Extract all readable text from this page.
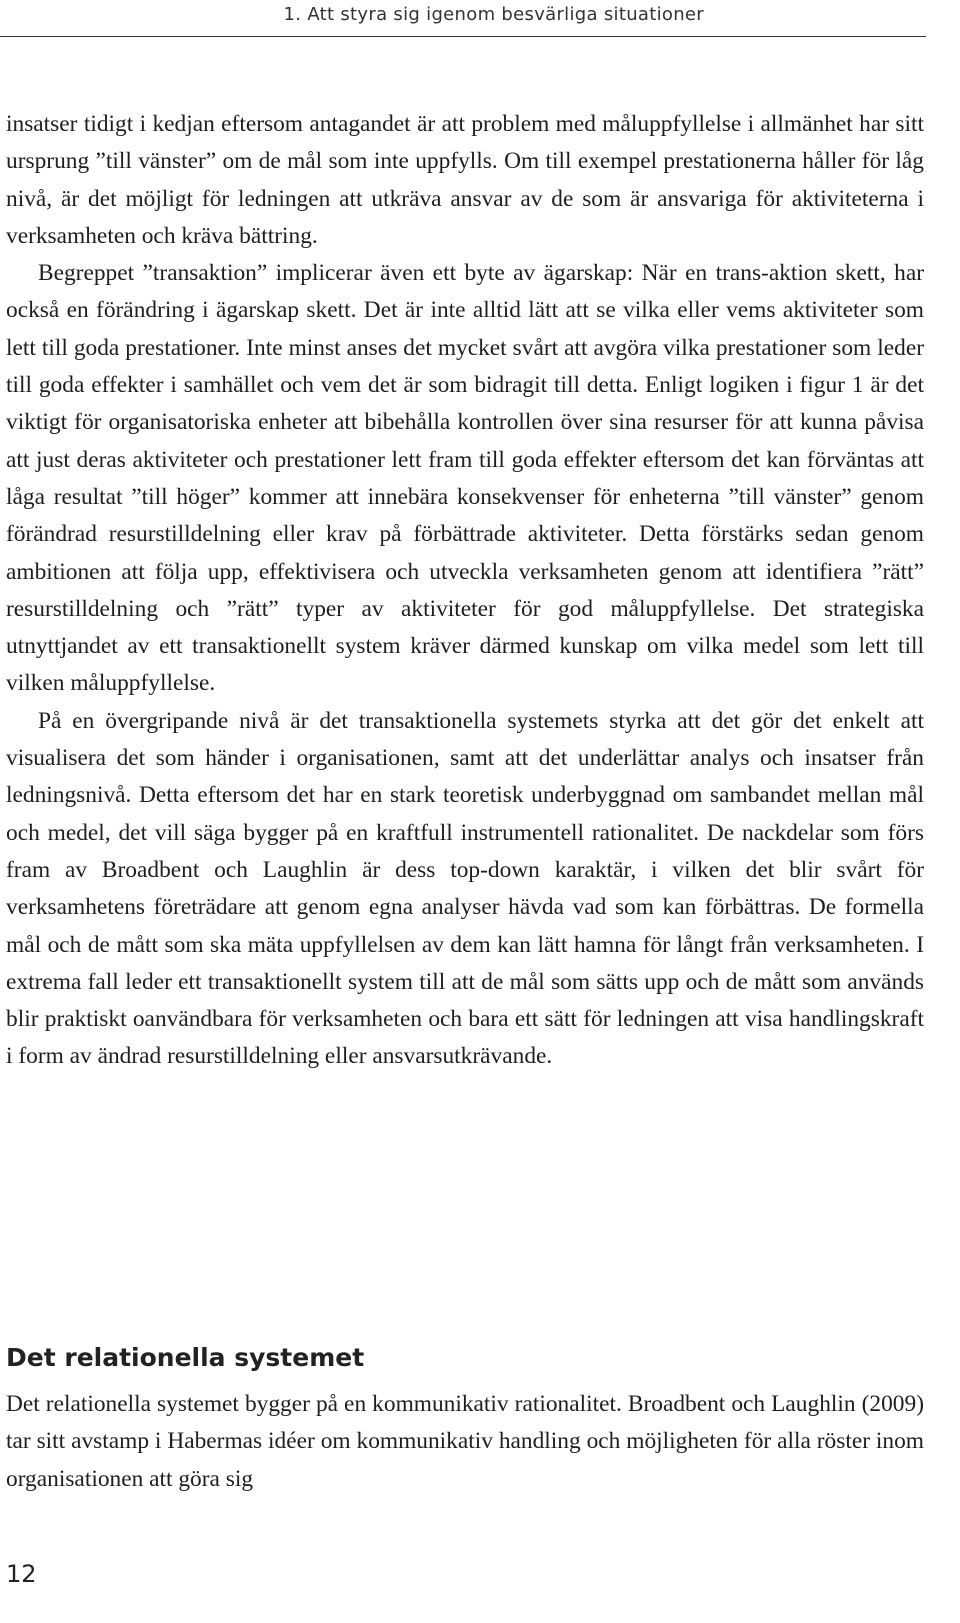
1. Att styra sig igenom besvärliga situationer

insatser tidigt i kedjan eftersom antagandet är att problem med måluppfyllelse i allmänhet har sitt ursprung ”till vänster” om de mål som inte uppfylls. Om till exempel prestationerna håller för låg nivå, är det möjligt för ledningen att utkräva ansvar av de som är ansvariga för aktiviteterna i verksamheten och kräva bättring.

Begreppet ”transaktion” implicerar även ett byte av ägarskap: När en trans-aktion skett, har också en förändring i ägarskap skett. Det är inte alltid lätt att se vilka eller vems aktiviteter som lett till goda prestationer. Inte minst anses det mycket svårt att avgöra vilka prestationer som leder till goda effekter i samhället och vem det är som bidragit till detta. Enligt logiken i figur 1 är det viktigt för organisatoriska enheter att bibehålla kontrollen över sina resurser för att kunna påvisa att just deras aktiviteter och prestationer lett fram till goda effekter eftersom det kan förväntas att låga resultat ”till höger” kommer att innebära konsekvenser för enheterna ”till vänster” genom förändrad resurstilldelning eller krav på förbättrade aktiviteter. Detta förstärks sedan genom ambitionen att följa upp, effektivisera och utveckla verksamheten genom att identifiera ”rätt” resurstilldelning och ”rätt” typer av aktiviteter för god måluppfyllelse. Det strategiska utnyttjandet av ett transaktionellt system kräver därmed kunskap om vilka medel som lett till vilken måluppfyllelse.

På en övergripande nivå är det transaktionella systemets styrka att det gör det enkelt att visualisera det som händer i organisationen, samt att det underlättar analys och insatser från ledningsnivå. Detta eftersom det har en stark teoretisk underbyggnad om sambandet mellan mål och medel, det vill säga bygger på en kraftfull instrumentell rationalitet. De nackdelar som förs fram av Broadbent och Laughlin är dess top-down karaktär, i vilken det blir svårt för verksamhetens företrädare att genom egna analyser hävda vad som kan förbättras. De formella mål och de mått som ska mäta uppfyllelsen av dem kan lätt hamna för långt från verksamheten. I extrema fall leder ett transaktionellt system till att de mål som sätts upp och de mått som används blir praktiskt oanvändbara för verksamheten och bara ett sätt för ledningen att visa handlingskraft i form av ändrad resurstilldelning eller ansvarsutkrävande.

Det relationella systemet

Det relationella systemet bygger på en kommunikativ rationalitet. Broadbent och Laughlin (2009) tar sitt avstamp i Habermas idéer om kommunikativ handling och möjligheten för alla röster inom organisationen att göra sig

12
